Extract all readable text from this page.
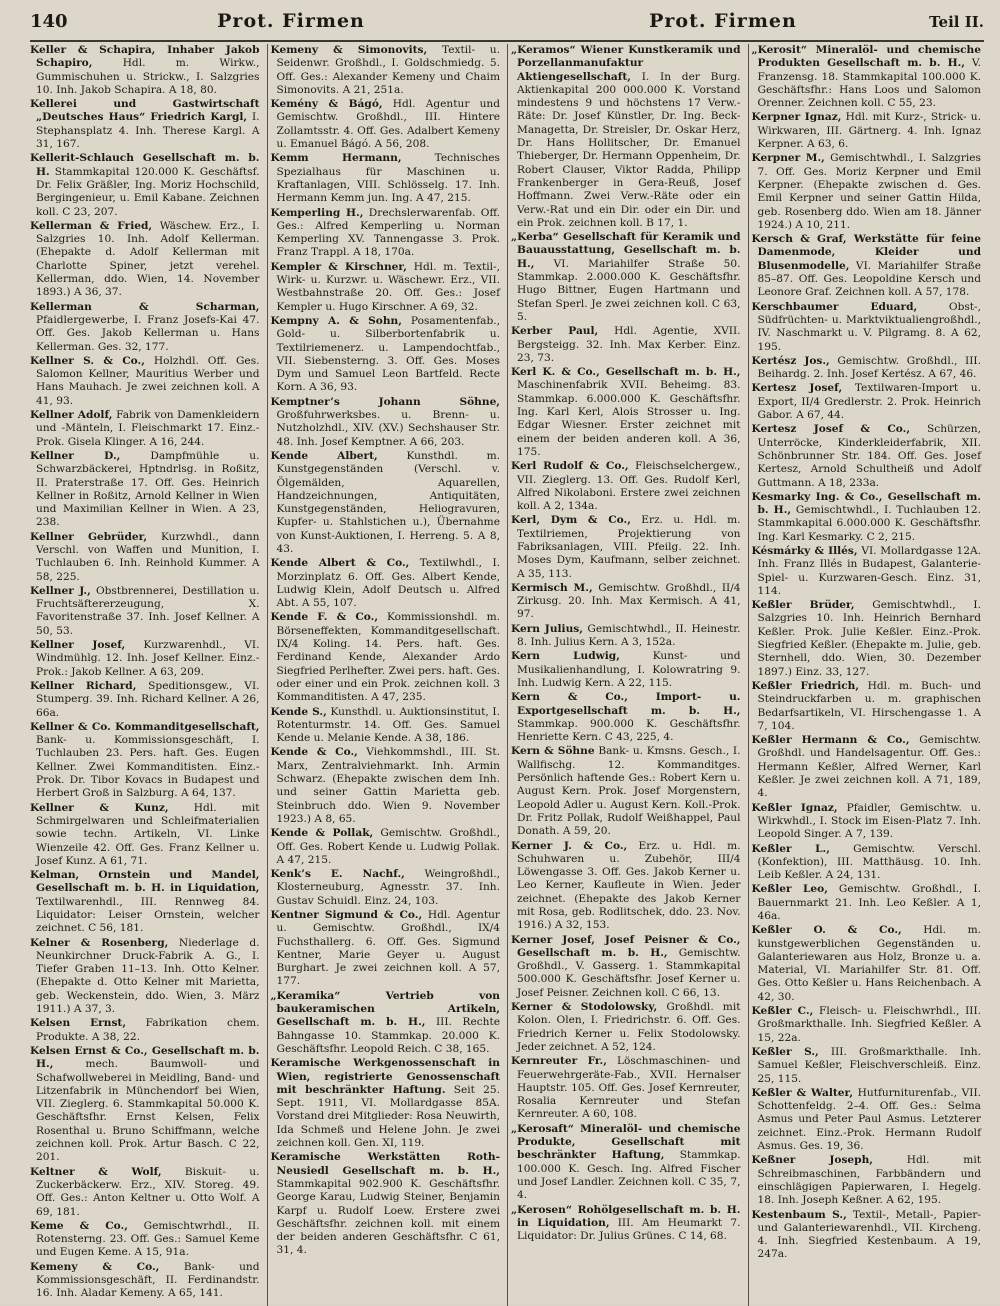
140	Prot. Firmen	Prot. Firmen	Teil II.

Keller & Schapira, Inhaber Jakob Schapiro,	Hdl. m. Wirkw., Gummischuhen u. Strickw., I. Salzgries 10. Inh. Jakob Schapira. A 18, 80.

Kellerei und Gastwirtschaft „Deutsches Haus“ Friedrich Kargl, I. Stephansplatz 4. Inh. Therese Kargl. A 31, 167.

Kellerit-Schlauch Gesellschaft m. b. H. Stammkapital 120.000 K. Geschäftsf. Dr. Felix Gräßler, Ing. Moriz Hochschild, Bergingenieur, u. Emil Kabane. Zeichnen koll. C 23, 207.

Kellerman & Fried, Wäschew. Erz., I. Salzgries 10. Inh. Adolf Kellerman. (Ehepakte d. Adolf Kellerman mit Charlotte Spiner, jetzt verehel. Kellerman, ddo. Wien, 14. November 1893.) A 36, 37.

Kellerman & Scharman, Pfaidlergewerbe, I. Franz Josefs-Kai 47. Off. Ges. Jakob Kellerman u. Hans Kellerman. Ges. 32, 177.

Kellner S. & Co., Holzhdl. Off. Ges. Salomon Kellner, Mauritius Werber und Hans Mauhach. Je zwei zeichnen koll. A 41, 93.

Kellner Adolf, Fabrik von Damenkleidern und -Mänteln, I. Fleischmarkt 17. Einz.-Prok. Gisela Klinger. A 16, 244.

Kellner D.,	Dampfmühle u. Schwarzbäckerei, Hptndrlsg. in Roßitz, II. Praterstraße 17. Off. Ges. Heinrich Kellner in Roßitz, Arnold Kellner in Wien und Maximilian Kellner in Wien. A 23, 238.

Kellner Gebrüder, Kurzwhdl., dann Verschl. von Waffen und Munition, I. Tuchlauben 6. Inh. Reinhold Kummer. A 58, 225.

Kellner J., Obstbrennerei, Destillation u. Fruchtsäftererzeugung, X. Favoritenstraße 37. Inh. Josef Kellner. A 50, 53.

Kellner Josef, Kurzwarenhdl., VI. Windmühlg. 12. Inh. Josef Kellner. Einz.-Prok.: Jakob Kellner. A 63, 209.

Kellner Richard, Speditionsgew., VI. Stumperg. 39. Inh. Richard Kellner. A 26, 66a.

Kellner & Co. Kommanditgesellschaft, Bank- u. Kommissionsgeschäft, I. Tuchlauben 23. Pers. haft. Ges. Eugen Kellner. Zwei Kommanditisten. Einz.-Prok. Dr. Tibor Kovacs in Budapest und Herbert Groß in Salzburg. A 64, 137.

Kellner & Kunz, Hdl. mit Schmirgelwaren und Schleifmaterialien sowie techn. Artikeln, VI. Linke Wienzeile 42. Off. Ges. Franz Kellner u. Josef Kunz. A 61, 71.

Kelman, Ornstein und Mandel, Gesellschaft m. b. H. in Liquidation, Textilwarenhdl., III. Rennweg 84. Liquidator: Leiser Ornstein, welcher zeichnet. C 56, 181.

Kelner & Rosenberg, Niederlage d. Neunkirchner Druck-Fabrik A. G., I. Tiefer Graben 11–13. Inh. Otto Kelner. (Ehepakte d. Otto Kelner mit Marietta, geb. Weckenstein, ddo. Wien, 3. März 1911.) A 37, 3.

Kelsen Ernst, Fabrikation chem. Produkte. A 38, 22.

Kelsen Ernst & Co., Gesellschaft m. b. H.,	mech. Baumwoll- und Schafwollweberei in Meidling, Band- und Litzenfabrik in Münchendorf bei Wien, VII. Zieglerg. 6. Stammkapital 50.000 K. Geschäftsfhr. Ernst Kelsen, Felix Rosenthal u. Bruno Schiffmann, welche zeichnen koll. Prok. Artur Basch. C 22, 201.

Keltner & Wolf, Biskuit- u. Zuckerbäckerw. Erz., XIV. Storeg. 49. Off. Ges.: Anton Keltner u. Otto Wolf. A 69, 181.

Keme & Co., Gemischtwrhdl., II. Rotensterng. 23. Off. Ges.: Samuel Keme und Eugen Keme. A 15, 91a.

Kemeny & Co., Bank- und Kommissionsgeschäft, II. Ferdinandstr. 16. Inh. Aladar Kemeny. A 65, 141.

Kemeny & Simonovits, Textil- u. Seidenwr. Großhdl., I. Goldschmiedg. 5. Off. Ges.: Alexander Kemeny und Chaim Simonovits. A 21, 251a.

Kemény & Bágó, Hdl. Agentur und Gemischtw. Großhdl., III. Hintere Zollamtsstr. 4. Off. Ges. Adalbert Kemeny u. Emanuel Bágó. A 56, 208.

Kemm Hermann,	Technisches Spezialhaus für Maschinen u. Kraftanlagen, VIII. Schlösselg. 17. Inh. Hermann Kemm jun. Ing. A 47, 215.

Kemperling H., Drechslerwarenfab. Off. Ges.: Alfred Kemperling u. Norman Kemperling XV. Tannengasse 3. Prok. Franz Trappl. A 18, 170a.

Kempler & Kirschner, Hdl. m. Textil-, Wirk- u. Kurzwr. u. Wäschewr. Erz., VII. Westbahnstraße 20. Off. Ges.: Josef Kempler u. Hugo Kirschner. A 69, 32.

Kempny A. & Sohn, Posamentenfab., Gold- u. Silberbortenfabrik u. Textilriemenerz. u. Lampendochtfab., VII. Siebensterng. 3. Off. Ges. Moses Dym und Samuel Leon Bartfeld. Recte Korn. A 36, 93.

Kemptner’s Johann Söhne, Großfuhrwerksbes. u. Brenn- u. Nutzholzhdl., XIV. (XV.) Sechshauser Str. 48. Inh. Josef Kemptner. A 66, 203.

Kende Albert,	Kunsthdl. m. Kunstgegenständen (Verschl. v. Ölgemälden, Aquarellen, Handzeichnungen, Antiquitäten, Kunstgegenständen, Heliogravuren, Kupfer- u. Stahlstichen u.), Übernahme von Kunst-Auktionen, I. Herreng. 5. A 8, 43.

Kende Albert & Co., Textilwhdl., I. Morzinplatz 6. Off. Ges. Albert Kende, Ludwig Klein, Adolf Deutsch u. Alfred Abt. A 55, 107.

Kende F. & Co., Kommissionshdl. m. Börseneffekten, Kommanditgesellschaft. IX/4 Koling. 14. Pers. haft. Ges. Ferdinand Kende, Alexander Ardo Siegfried Perlhefter. Zwei pers. haft. Ges. oder einer und ein Prok. zeichnen koll. 3 Kommanditisten. A 47, 235.

Kende S., Kunsthdl. u. Auktionsinstitut, I. Rotenturmstr. 14. Off. Ges. Samuel Kende u. Melanie Kende. A 38, 186.

Kende & Co., Viehkommshdl., III. St. Marx, Zentralviehmarkt. Inh. Armin Schwarz. (Ehepakte zwischen dem Inh. und seiner Gattin Marietta geb. Steinbruch ddo. Wien 9. November 1923.) A 8, 65.

Kende & Pollak, Gemischtw. Großhdl., Off. Ges. Robert Kende u. Ludwig Pollak. A 47, 215.

Kenk’s E. Nachf., Weingroßhdl., Klosterneuburg, Agnesstr. 37. Inh. Gustav Schuidl. Einz. 24, 103.

Kentner Sigmund & Co., Hdl. Agentur u. Gemischtw. Großhdl., IX/4 Fuchsthallerg. 6. Off. Ges. Sigmund Kentner, Marie Geyer u. August Burghart. Je zwei zeichnen koll. A 57, 177.

„Keramika“ Vertrieb von baukeramischen Artikeln, Gesellschaft m. b. H., III. Rechte Bahngasse 10. Stammkap. 20.000 K. Geschäftsfhr. Leopold Reich. C 38, 165.

Keramische Werkgenossenschaft in Wien, registrierte Genossenschaft mit beschränkter Haftung. Seit 25. Sept. 1911, VI. Mollardgasse 85A. Vorstand drei Mitglieder: Rosa Neuwirth, Ida Schmeß und Helene John. Je zwei zeichnen koll. Gen. XI, 119.

Keramische Werkstätten Roth-Neusiedl Gesellschaft m. b. H., Stammkapital 902.900 K. Geschäftsfhr. George Karau, Ludwig Steiner, Benjamin Karpf u. Rudolf Loew. Erstere zwei Geschäftsfhr. zeichnen koll. mit einem der beiden anderen Geschäftsfhr. C 61, 31, 4.

„Keramos“ Wiener Kunstkeramik und Porzellanmanufaktur Aktiengesellschaft, I. In der Burg. Aktienkapital 200 000.000 K. Vorstand mindestens 9 und höchstens 17 Verw.-Räte: Dr. Josef Künstler, Dr. Ing. Beck-Managetta, Dr. Streisler, Dr. Oskar Herz, Dr. Hans Hollitscher, Dr. Emanuel Thieberger, Dr. Hermann Oppenheim, Dr. Robert Clauser, Viktor Radda, Philipp Frankenberger in Gera-Reuß, Josef Hoffmann. Zwei Verw.-Räte oder ein Verw.-Rat und ein Dir. oder ein Dir. und ein Prok. zeichnen koll. B 17, 1.

„Kerba“ Gesellschaft für Keramik und Bauausstattung, Gesellschaft m. b. H., VI. Mariahilfer Straße 50. Stammkap. 2.000.000 K. Geschäftsfhr. Hugo Bittner, Eugen Hartmann und Stefan Sperl. Je zwei zeichnen koll. C 63, 5.

Kerber Paul, Hdl. Agentie, XVII. Bergsteigg. 32. Inh. Max Kerber. Einz. 23, 73.

Kerl K. & Co., Gesellschaft m. b. H., Maschinenfabrik XVII. Beheimg. 83. Stammkap. 6.000.000 K. Geschäftsfhr. Ing. Karl Kerl, Alois Strosser u. Ing. Edgar Wiesner. Erster zeichnet mit einem der beiden anderen koll. A 36, 175.

Kerl Rudolf & Co., Fleischselchergew., VII. Zieglerg. 13. Off. Ges. Rudolf Kerl, Alfred Nikolaboni. Erstere zwei zeichnen koll. A 2, 134a.

Kerl, Dym & Co., Erz. u. Hdl. m. Textilriemen, Projektierung von Fabriksanlagen, VIII. Pfeilg. 22. Inh. Moses Dym, Kaufmann, selber zeichnet. A 35, 113.

Kermisch M., Gemischtw. Großhdl., II/4 Zirkusg. 20. Inh. Max Kermisch. A 41, 97.

Kern Julius, Gemischtwhdl., II. Heinestr. 8. Inh. Julius Kern. A 3, 152a.

Kern Ludwig,	Kunst- und Musikalienhandlung, I. Kolowratring 9. Inh. Ludwig Kern. A 22, 115.

Kern & Co., Import- u. Exportgesellschaft m. b. H., Stammkap. 900.000 K. Geschäftsfhr. Henriette Kern. C 43, 225, 4.

Kern & Söhne Bank- u. Kmsns. Gesch., I. Wallfischg. 12. Kommanditges. Persönlich haftende Ges.: Robert Kern u. August Kern. Prok. Josef Morgenstern, Leopold Adler u. August Kern. Koll.-Prok. Dr. Fritz Pollak, Rudolf Weißhappel, Paul Donath. A 59, 20.

Kerner J. & Co., Erz. u. Hdl. m. Schuhwaren u. Zubehör, III/4 Löwengasse 3. Off. Ges. Jakob Kerner u. Leo Kerner, Kaufleute in Wien. Jeder zeichnet. (Ehepakte des Jakob Kerner mit Rosa, geb. Rodlitschek, ddo. 23. Nov. 1916.) A 32, 153.

Kerner Josef, Josef Peisner & Co., Gesellschaft m. b. H., Gemischtw. Großhdl., V. Gasserg. 1. Stammkapital 500.000 K. Geschäftsfhr. Josef Kerner u. Josef Peisner. Zeichnen koll. C 66, 13.

Kerner & Stodolowsky, Großhdl. mit Kolon. Olen, I. Friedrichstr. 6. Off. Ges. Friedrich Kerner u. Felix Stodolowsky. Jeder zeichnet. A 52, 124.

Kernreuter Fr., Löschmaschinen- und Feuerwehrgeräte-Fab., XVII. Hernalser Hauptstr. 105. Off. Ges. Josef Kernreuter, Rosalia Kernreuter und Stefan Kernreuter. A 60, 108.

„Kerosaft“ Mineralöl- und chemische Produkte, Gesellschaft mit beschränkter Haftung, Stammkap. 100.000 K. Gesch. Ing. Alfred Fischer und Josef Landler. Zeichnen koll. C 35, 7, 4.

„Kerosen“ Rohölgesellschaft m. b. H. in Liquidation, III. Am Heumarkt 7. Liquidator: Dr. Julius Grünes. C 14, 68.

„Kerosit“ Mineralöl- und chemische Produkten Gesellschaft m. b. H., V. Franzensg. 18. Stammkapital 100.000 K. Geschäftsfhr.: Hans Loos und Salomon Orenner. Zeichnen koll. C 55, 23.

Kerpner Ignaz, Hdl. mit Kurz-, Strick- u. Wirkwaren, III. Gärtnerg. 4. Inh. Ignaz Kerpner. A 63, 6.

Kerpner M., Gemischtwhdl., I. Salzgries 7. Off. Ges. Moriz Kerpner und Emil Kerpner. (Ehepakte zwischen d. Ges. Emil Kerpner und seiner Gattin Hilda, geb. Rosenberg ddo. Wien am 18. Jänner 1924.) A 10, 211.

Kersch & Graf, Werkstätte für feine Damenmode, Kleider und Blusenmodelle, VI. Mariahilfer Straße 85–87. Off. Ges. Leopoldine Kersch und Leonore Graf. Zeichnen koll. A 57, 178.

Kerschbaumer Eduard,	Obst-, Südfrüchten- u. Marktviktualiengroßhdl., IV. Naschmarkt u. V. Pilgramg. 8. A 62, 195.

Kertész Jos., Gemischtw. Großhdl., III. Beihardg. 2. Inh. Josef Kertész. A 67, 46.

Kertesz Josef, Textilwaren-Import u. Export, II/4 Gredlerstr. 2. Prok. Heinrich Gabor. A 67, 44.

Kertesz Josef & Co., Schürzen, Unterröcke, Kinderkleiderfabrik, XII. Schönbrunner Str. 184. Off. Ges. Josef Kertesz, Arnold Schultheiß und Adolf Guttmann. A 18, 233a.

Kesmarky Ing. & Co., Gesellschaft m. b. H., Gemischtwhdl., I. Tuchlauben 12. Stammkapital 6.000.000 K. Geschäftsfhr. Ing. Karl Kesmarky. C 2, 215.

Késmárky & Illés, VI. Mollardgasse 12A. Inh. Franz Illés in Budapest, Galanterie-Spiel- u. Kurzwaren-Gesch. Einz. 31, 114.

Keßler Brüder, Gemischtwhdl., I. Salzgries 10. Inh. Heinrich Bernhard Keßler. Prok. Julie Keßler. Einz.-Prok. Siegfried Keßler. (Ehepakte m. Julie, geb. Sternhell, ddo. Wien, 30. Dezember 1897.) Einz. 33, 127.

Keßler Friedrich, Hdl. m. Buch- und Steindruckfarben u. m. graphischen Bedarfsartikeln, VI. Hirschengasse 1. A 7, 104.

Keßler Hermann & Co., Gemischtw. Großhdl. und Handelsagentur. Off. Ges.: Hermann Keßler, Alfred Werner, Karl Keßler. Je zwei zeichnen koll. A 71, 189, 4.

Keßler Ignaz, Pfaidler, Gemischtw. u. Wirkwhdl., I. Stock im Eisen-Platz 7. Inh. Leopold Singer. A 7, 139.

Keßler L., Gemischtw. Verschl. (Konfektion), III. Matthäusg. 10. Inh. Leib Keßler. A 24, 131.

Keßler Leo, Gemischtw. Großhdl., I. Bauernmarkt 21. Inh. Leo Keßler. A 1, 46a.

Keßler O. & Co., Hdl. m. kunstgewerblichen Gegenständen u. Galanteriewaren aus Holz, Bronze u. a. Material, VI. Mariahilfer Str. 81. Off. Ges. Otto Keßler u. Hans Reichenbach. A 42, 30.

Keßler C., Fleisch- u. Fleischwrhdl., III. Großmarkthalle. Inh. Siegfried Keßler. A 15, 22a.

Keßler S., III. Großmarkthalle. Inh. Samuel Keßler, Fleischverschleiß. Einz. 25, 115.

Keßler & Walter, Hutfurniturenfab., VII. Schottenfeldg. 2–4. Off. Ges.: Selma Asmus und Peter Paul Asmus. Letzterer zeichnet. Einz.-Prok. Hermann Rudolf Asmus. Ges. 19, 36.

Keßner Joseph,	Hdl. mit Schreibmaschinen, Farbbändern und einschlägigen Papierwaren, I. Hegelg. 18. Inh. Joseph Keßner. A 62, 195.

Kestenbaum S., Textil-, Metall-, Papier- und Galanteriewarenhdl., VII. Kircheng. 4. Inh. Siegfried Kestenbaum. A 19, 247a.
